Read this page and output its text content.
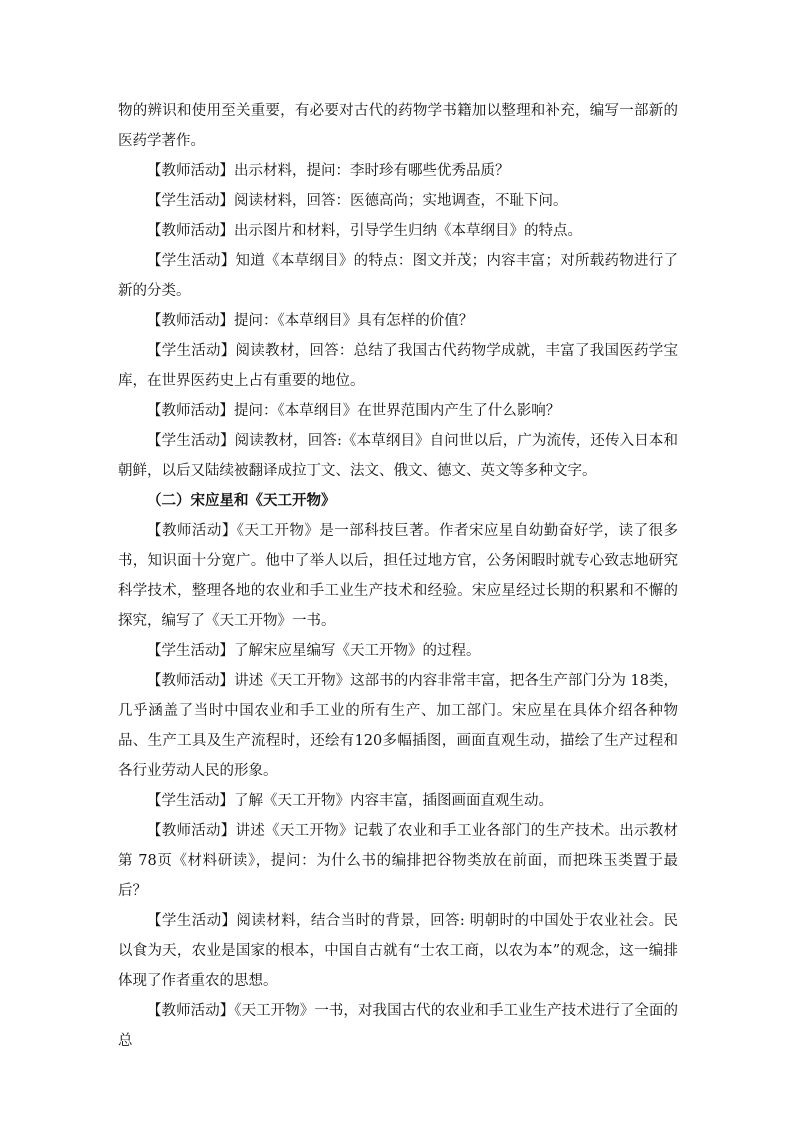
物的辨识和使用至关重要，有必要对古代的药物学书籍加以整理和补充，编写一部新的医药学著作。

【教师活动】出示材料，提问：李时珍有哪些优秀品质？

【学生活动】阅读材料，回答：医德高尚；实地调查，不耻下问。

【教师活动】出示图片和材料，引导学生归纳《本草纲目》的特点。

【学生活动】知道《本草纲目》的特点：图文并茂；内容丰富；对所载药物进行了新的分类。

【教师活动】提问：《本草纲目》具有怎样的价值？

【学生活动】阅读教材，回答：总结了我国古代药物学成就，丰富了我国医药学宝库，在世界医药史上占有重要的地位。

【教师活动】提问：《本草纲目》在世界范围内产生了什么影响？

【学生活动】阅读教材，回答:《本草纲目》自问世以后，广为流传，还传入日本和朝鲜，以后又陆续被翻译成拉丁文、法文、俄文、德文、英文等多种文字。

（二）宋应星和《天工开物》

【教师活动】《天工开物》是一部科技巨著。作者宋应星自幼勤奋好学，读了很多书，知识面十分宽广。他中了举人以后，担任过地方官，公务闲暇时就专心致志地研究科学技术，整理各地的农业和手工业生产技术和经验。宋应星经过长期的积累和不懈的探究，编写了《天工开物》一书。

【学生活动】了解宋应星编写《天工开物》的过程。

【教师活动】讲述《天工开物》这部书的内容非常丰富，把各生产部门分为 18类，几乎涵盖了当时中国农业和手工业的所有生产、加工部门。宋应星在具体介绍各种物品、生产工具及生产流程时，还绘有120多幅插图，画面直观生动，描绘了生产过程和各行业劳动人民的形象。

【学生活动】了解《天工开物》内容丰富，插图画面直观生动。

【教师活动】讲述《天工开物》记载了农业和手工业各部门的生产技术。出示教材第 78页《材料研读》，提问：为什么书的编排把谷物类放在前面，而把珠玉类置于最后？

【学生活动】阅读材料，结合当时的背景，回答: 明朝时的中国处于农业社会。民以食为天，农业是国家的根本，中国自古就有“士农工商，以农为本”的观念，这一编排体现了作者重农的思想。

【教师活动】《天工开物》一书，对我国古代的农业和手工业生产技术进行了全面的总
